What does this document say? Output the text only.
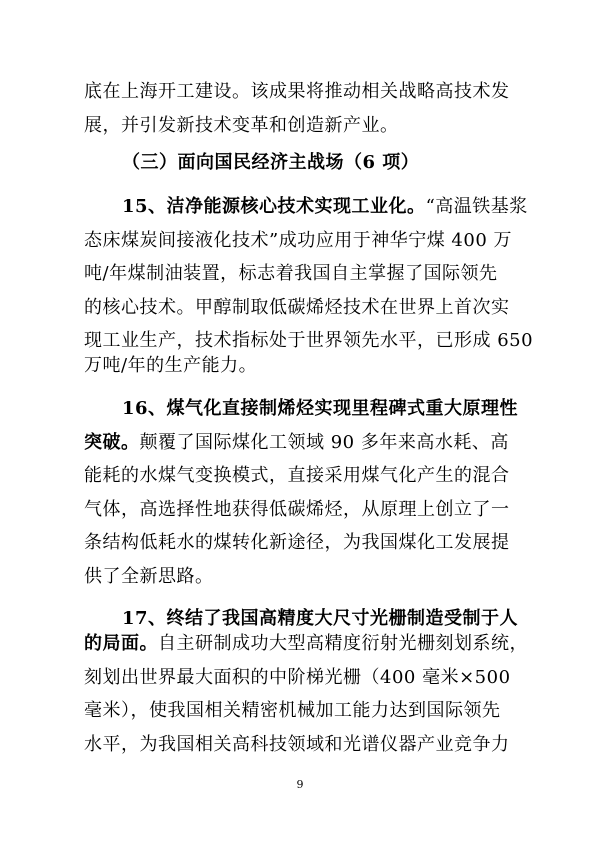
底在上海开工建设。该成果将推动相关战略高技术发
展，并引发新技术变革和创造新产业。
（三）面向国民经济主战场（6 项）
15、洁净能源核心技术实现工业化。“高温铁基浆
态床煤炭间接液化技术”成功应用于神华宁煤 400 万
吨/年煤制油装置，标志着我国自主掌握了国际领先
的核心技术。甲醇制取低碳烯烃技术在世界上首次实
现工业生产，技术指标处于世界领先水平，已形成 650
万吨/年的生产能力。
16、煤气化直接制烯烃实现里程碑式重大原理性
突破。颠覆了国际煤化工领域 90 多年来高水耗、高
能耗的水煤气变换模式，直接采用煤气化产生的混合
气体，高选择性地获得低碳烯烃，从原理上创立了一
条结构低耗水的煤转化新途径，为我国煤化工发展提
供了全新思路。
17、终结了我国高精度大尺寸光栅制造受制于人
的局面。自主研制成功大型高精度衍射光栅刻划系统，
刻划出世界最大面积的中阶梯光栅（400 毫米×500
毫米），使我国相关精密机械加工能力达到国际领先
水平，为我国相关高科技领域和光谱仪器产业竞争力
9
